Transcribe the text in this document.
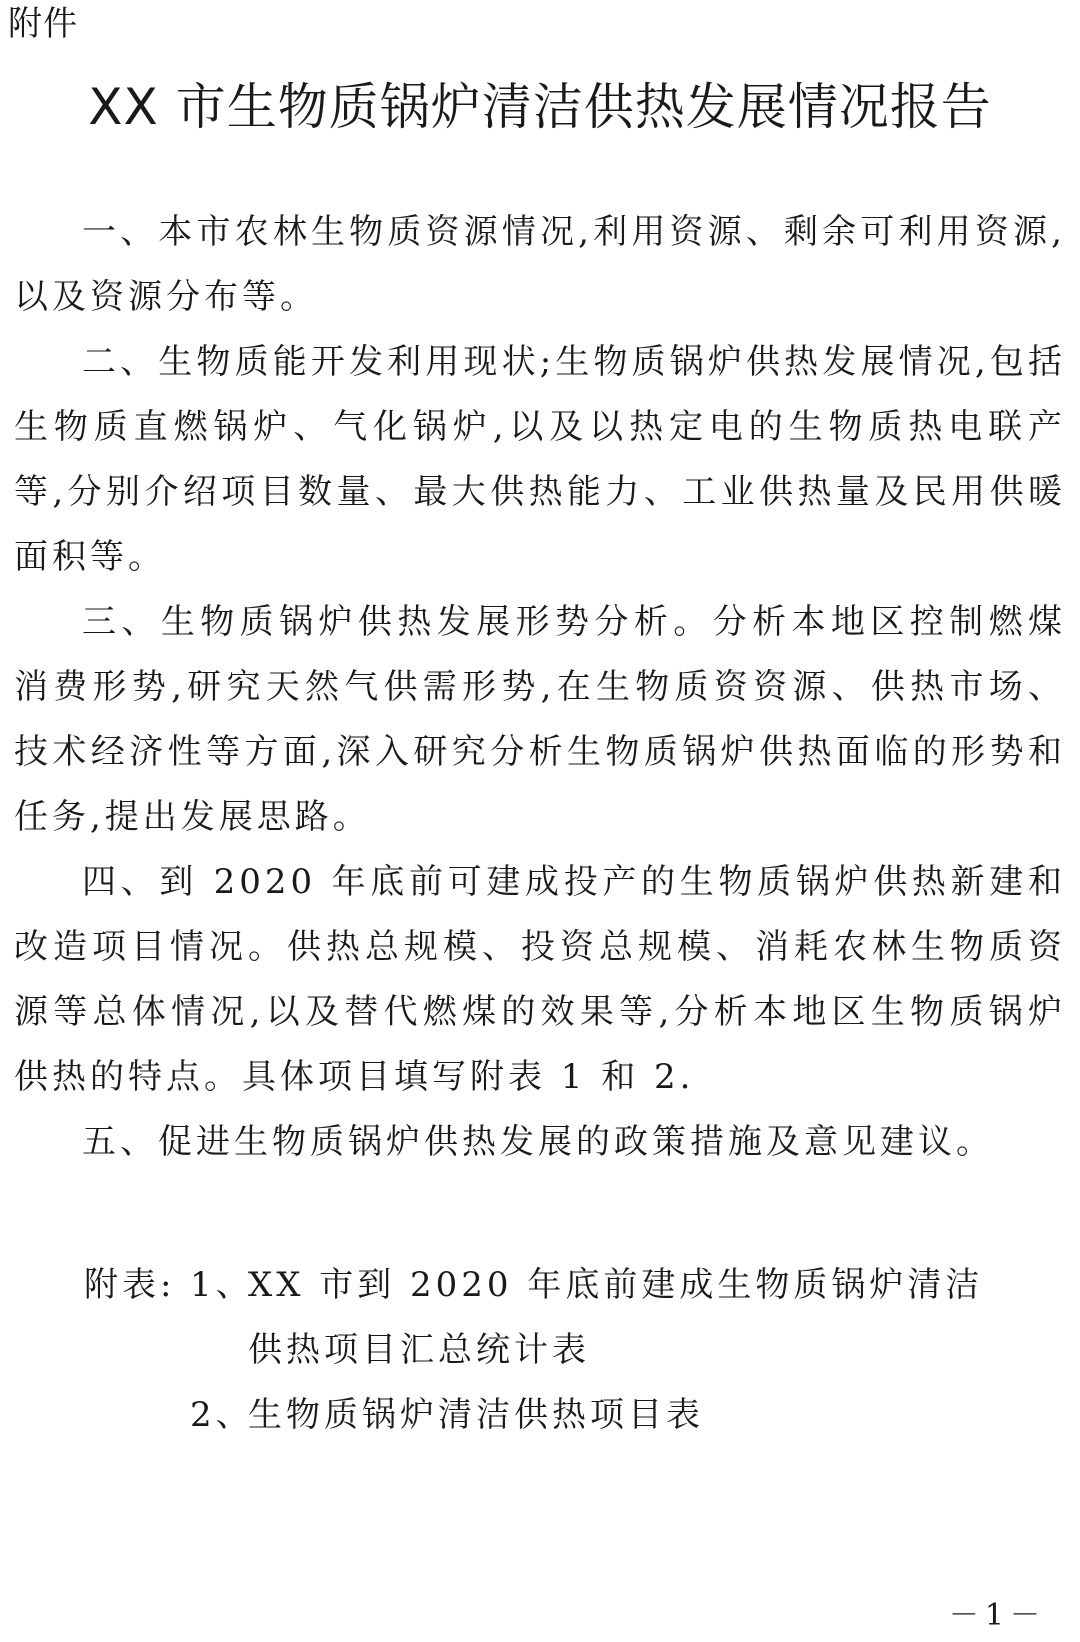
附件
XX 市生物质锅炉清洁供热发展情况报告

一、本市农林生物质资源情况,利用资源、剩余可利用资源,以及资源分布等。

二、生物质能开发利用现状;生物质锅炉供热发展情况,包括生物质直燃锅炉、气化锅炉,以及以热定电的生物质热电联产等,分别介绍项目数量、最大供热能力、工业供热量及民用供暖面积等。

三、生物质锅炉供热发展形势分析。分析本地区控制燃煤消费形势,研究天然气供需形势,在生物质资资源、供热市场、技术经济性等方面,深入研究分析生物质锅炉供热面临的形势和任务,提出发展思路。

四、到 2020 年底前可建成投产的生物质锅炉供热新建和改造项目情况。供热总规模、投资总规模、消耗农林生物质资源等总体情况,以及替代燃煤的效果等,分析本地区生物质锅炉供热的特点。具体项目填写附表 1 和 2.

五、促进生物质锅炉供热发展的政策措施及意见建议。

附表: 1、
XX 市到 2020 年底前建成生物质锅炉清洁供热项目汇总统计表
2、
生物质锅炉清洁供热项目表
－1－
